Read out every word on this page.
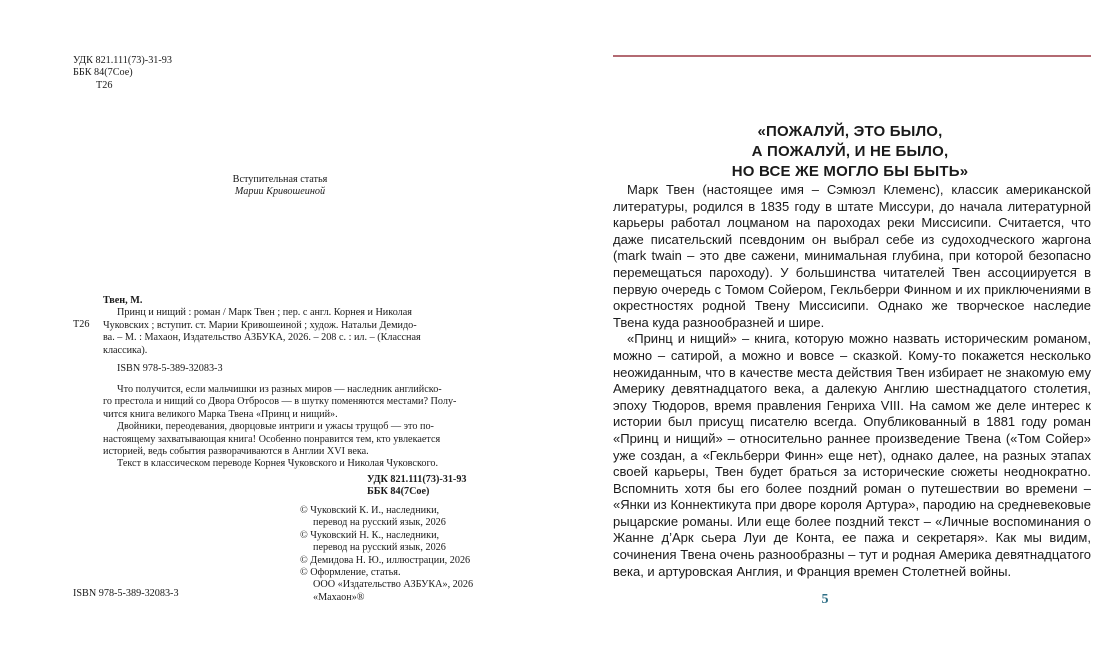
УДК 821.111(73)-31-93
ББК 84(7Сое)
Т26
Вступительная статья
Марии Кривошеиной

Т26
Твен, М.
Принц и нищий : роман / Марк Твен ; пер. с англ. Корнея и Николая
Чуковских ; вступит. ст. Марии Кривошеиной ; худож. Натальи Демидо-
ва. – М. : Махаон, Издательство АЗБУКА, 2026. – 208 с. : ил. – (Классная
классика).
ISBN 978-5-389-32083-3
Что получится, если мальчишки из разных миров — наследник английско-
го престола и нищий со Двора Отбросов — в шутку поменяются местами? Полу-
чится книга великого Марка Твена «Принц и нищий».
Двойники, переодевания, дворцовые интриги и ужасы трущоб — это по-
настоящему захватывающая книга! Особенно понравится тем, кто увлекается
историей, ведь события разворачиваются в Англии XVI века.
Текст в классическом переводе Корнея Чуковского и Николая Чуковского.
УДК 821.111(73)-31-93
ББК 84(7Сое)
© Чуковский К. И., наследники,
перевод на русский язык, 2026
© Чуковский Н. К., наследники,
перевод на русский язык, 2026
© Демидова Н. Ю., иллюстрации, 2026
© Оформление, статья.
ООО «Издательство АЗБУКА», 2026
«Махаон»®
ISBN 978-5-389-32083-3
«ПОЖАЛУЙ, ЭТО БЫЛО,
А ПОЖАЛУЙ, И НЕ БЫЛО,
НО ВСЕ ЖЕ МОГЛО БЫ БЫТЬ»

Марк Твен (настоящее имя – Сэмюэл Клеменс), классик американской литературы, родился в 1835 году в штате Миссури, до начала литературной карьеры работал лоцманом на пароходах реки Миссисипи. Считается, что даже писательский псевдоним он выбрал себе из судоходческого жаргона (mark twain – это две сажени, минимальная глубина, при которой безопасно перемещаться пароходу). У большинства читателей Твен ассоциируется в первую очередь с Томом Сойером, Гекльберри Финном и их приключениями в окрестностях родной Твену Миссисипи. Однако же творческое наследие Твена куда разнообразней и шире.

«Принц и нищий» – книга, которую можно назвать историческим романом, можно – сатирой, а можно и вовсе – сказкой. Кому-то покажется несколько неожиданным, что в качестве места действия Твен избирает не знакомую ему Америку девятнадцатого века, а далекую Англию шестнадцатого столетия, эпоху Тюдоров, время правления Генриха VIII. На самом же деле интерес к истории был присущ писателю всегда. Опубликованный в 1881 году роман «Принц и нищий» – относительно раннее произведение Твена («Том Сойер» уже создан, а «Гекльберри Финн» еще нет), однако далее, на разных этапах своей карьеры, Твен будет браться за исторические сюжеты неоднократно. Вспомнить хотя бы его более поздний роман о путешествии во времени – «Янки из Коннектикута при дворе короля Артура», пародию на средневековые рыцарские романы. Или еще более поздний текст – «Личные воспоминания о Жанне д’Арк сьера Луи де Конта, ее пажа и секретаря». Как мы видим, сочинения Твена очень разнообразны – тут и родная Америка девятнадцатого века, и артуровская Англия, и Франция времен Столетней войны.

5
